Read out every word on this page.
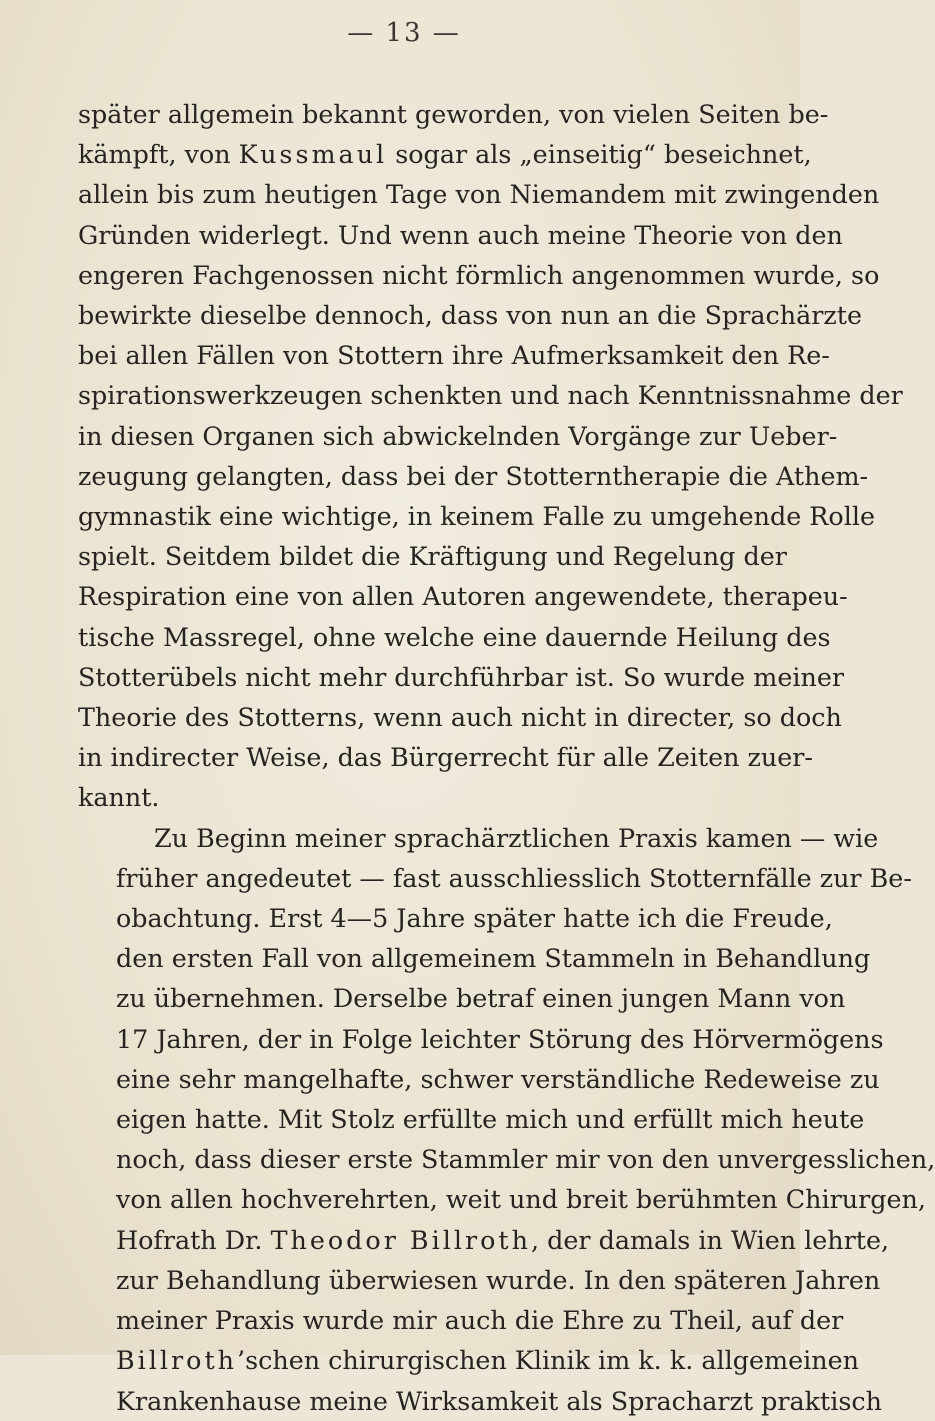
— 13 —

später allgemein bekannt geworden, von vielen Seiten be-
kämpft, von Kussmaul sogar als „einseitig“ beseichnet,
allein bis zum heutigen Tage von Niemandem mit zwingenden
Gründen widerlegt. Und wenn auch meine Theorie von den
engeren Fachgenossen nicht förmlich angenommen wurde, so
bewirkte dieselbe dennoch, dass von nun an die Sprachärzte
bei allen Fällen von Stottern ihre Aufmerksamkeit den Re-
spirationswerkzeugen schenkten und nach Kenntnissnahme der
in diesen Organen sich abwickelnden Vorgänge zur Ueber-
zeugung gelangten, dass bei der Stotterntherapie die Athem-
gymnastik eine wichtige, in keinem Falle zu umgehende Rolle
spielt. Seitdem bildet die Kräftigung und Regelung der
Respiration eine von allen Autoren angewendete, therapeu-
tische Massregel, ohne welche eine dauernde Heilung des
Stotterübels nicht mehr durchführbar ist. So wurde meiner
Theorie des Stotterns, wenn auch nicht in directer, so doch
in indirecter Weise, das Bürgerrecht für alle Zeiten zuer-
kannt.

Zu Beginn meiner sprachärztlichen Praxis kamen — wie
früher angedeutet — fast ausschliesslich Stotternfälle zur Be-
obachtung. Erst 4—5 Jahre später hatte ich die Freude,
den ersten Fall von allgemeinem Stammeln in Behandlung
zu übernehmen. Derselbe betraf einen jungen Mann von
17 Jahren, der in Folge leichter Störung des Hörvermögens
eine sehr mangelhafte, schwer verständliche Redeweise zu
eigen hatte. Mit Stolz erfüllte mich und erfüllt mich heute
noch, dass dieser erste Stammler mir von den unvergesslichen,
von allen hochverehrten, weit und breit berühmten Chirurgen,
Hofrath Dr. Theodor Billroth, der damals in Wien lehrte,
zur Behandlung überwiesen wurde. In den späteren Jahren
meiner Praxis wurde mir auch die Ehre zu Theil, auf der
Billroth’schen chirurgischen Klinik im k. k. allgemeinen
Krankenhause meine Wirksamkeit als Spracharzt praktisch
